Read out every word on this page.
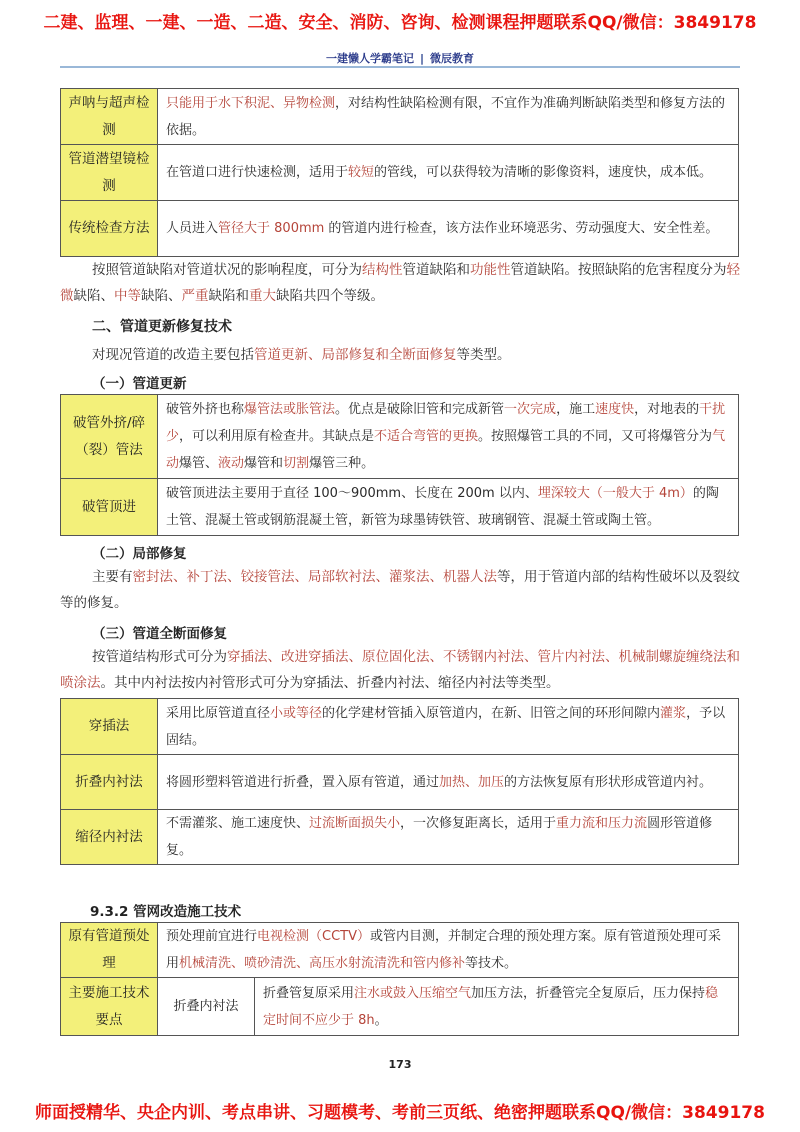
二建、监理、一建、一造、二造、安全、消防、咨询、检测课程押题联系QQ/微信：3849178
一建懒人学霸笔记 | 微辰教育
声呐与超声检测	只能用于水下积泥、异物检测，对结构性缺陷检测有限，不宜作为准确判断缺陷类型和修复方法的依据。
管道潜望镜检测	在管道口进行快速检测，适用于较短的管线，可以获得较为清晰的影像资料，速度快，成本低。
传统检查方法	人员进入管径大于 800mm 的管道内进行检查，该方法作业环境恶劣、劳动强度大、安全性差。

按照管道缺陷对管道状况的影响程度，可分为结构性管道缺陷和功能性管道缺陷。按照缺陷的危害程度分为轻微缺陷、中等缺陷、严重缺陷和重大缺陷共四个等级。

二、管道更新修复技术

对现况管道的改造主要包括管道更新、局部修复和全断面修复等类型。

（一）管道更新
破管外挤/碎（裂）管法	破管外挤也称爆管法或胀管法。优点是破除旧管和完成新管一次完成，施工速度快，对地表的干扰少，可以利用原有检查井。其缺点是不适合弯管的更换。按照爆管工具的不同，又可将爆管分为气动爆管、液动爆管和切割爆管三种。
破管顶进	破管顶进法主要用于直径 100～900mm、长度在 200m 以内、埋深较大（一般大于 4m）的陶土管、混凝土管或钢筋混凝土管，新管为球墨铸铁管、玻璃钢管、混凝土管或陶土管。
（二）局部修复

主要有密封法、补丁法、铰接管法、局部软衬法、灌浆法、机器人法等，用于管道内部的结构性破坏以及裂纹等的修复。

（三）管道全断面修复

按管道结构形式可分为穿插法、改进穿插法、原位固化法、不锈钢内衬法、管片内衬法、机械制螺旋缠绕法和喷涂法。其中内衬法按内衬管形式可分为穿插法、折叠内衬法、缩径内衬法等类型。

穿插法	采用比原管道直径小或等径的化学建材管插入原管道内，在新、旧管之间的环形间隙内灌浆，予以固结。
折叠内衬法	将圆形塑料管道进行折叠，置入原有管道，通过加热、加压的方法恢复原有形状形成管道内衬。
缩径内衬法	不需灌浆、施工速度快、过流断面损失小，一次修复距离长，适用于重力流和压力流圆形管道修复。
9.3.2 管网改造施工技术
原有管道预处理	预处理前宜进行电视检测（CCTV）或管内目测，并制定合理的预处理方案。原有管道预处理可采用机械清洗、喷砂清洗、高压水射流清洗和管内修补等技术。	
主要施工技术要点	折叠内衬法	折叠管复原采用注水或鼓入压缩空气加压方法，折叠管完全复原后，压力保持稳定时间不应少于 8h。
173
师面授精华、央企内训、考点串讲、习题模考、考前三页纸、绝密押题联系QQ/微信：3849178
